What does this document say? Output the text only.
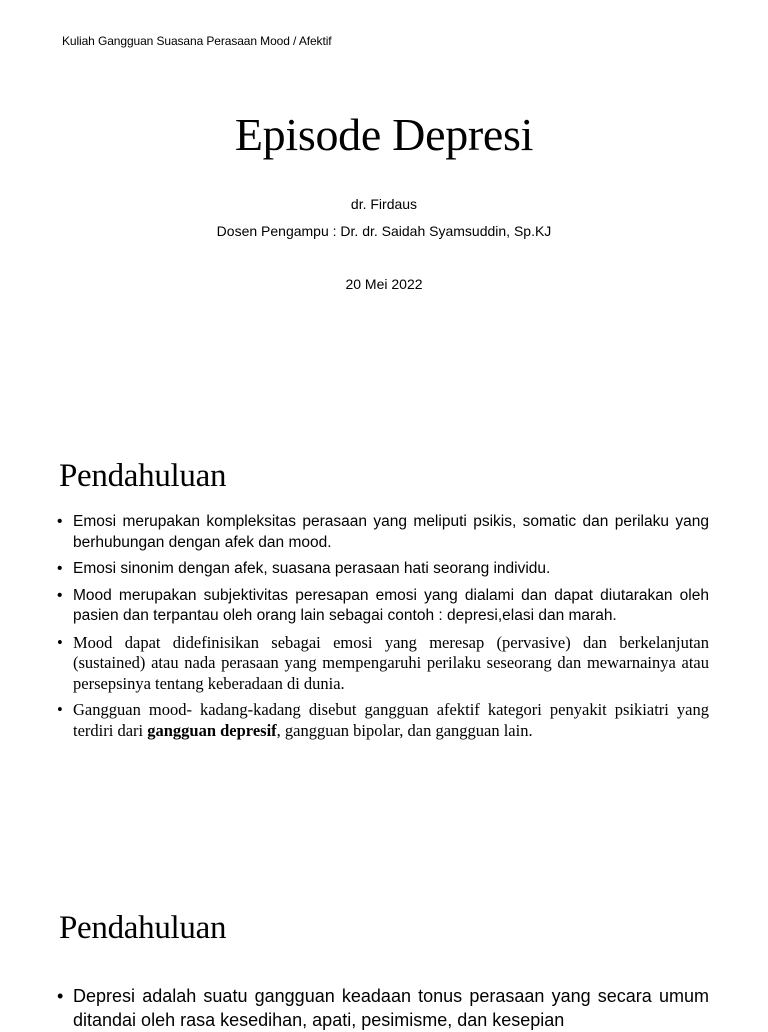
Kuliah Gangguan Suasana Perasaan Mood / Afektif
Episode Depresi
dr. Firdaus
Dosen Pengampu : Dr. dr. Saidah Syamsuddin, Sp.KJ
20 Mei 2022
Pendahuluan
• Emosi merupakan kompleksitas perasaan yang meliputi psikis, somatic dan perilaku yang berhubungan dengan afek dan mood.
• Emosi sinonim dengan afek, suasana perasaan hati seorang individu.
• Mood merupakan subjektivitas peresapan emosi yang dialami dan dapat diutarakan oleh pasien dan terpantau oleh orang lain sebagai contoh : depresi,elasi dan marah.
• Mood dapat didefinisikan sebagai emosi yang meresap (pervasive) dan berkelanjutan (sustained) atau nada perasaan yang mempengaruhi perilaku seseorang dan mewarnainya atau persepsinya tentang keberadaan di dunia.
• Gangguan mood- kadang-kadang disebut gangguan afektif kategori penyakit psikiatri yang terdiri dari gangguan depresif, gangguan bipolar, dan gangguan lain.
Pendahuluan
• Depresi adalah suatu gangguan keadaan tonus perasaan yang secara umum ditandai oleh rasa kesedihan, apati, pesimisme, dan kesepian
